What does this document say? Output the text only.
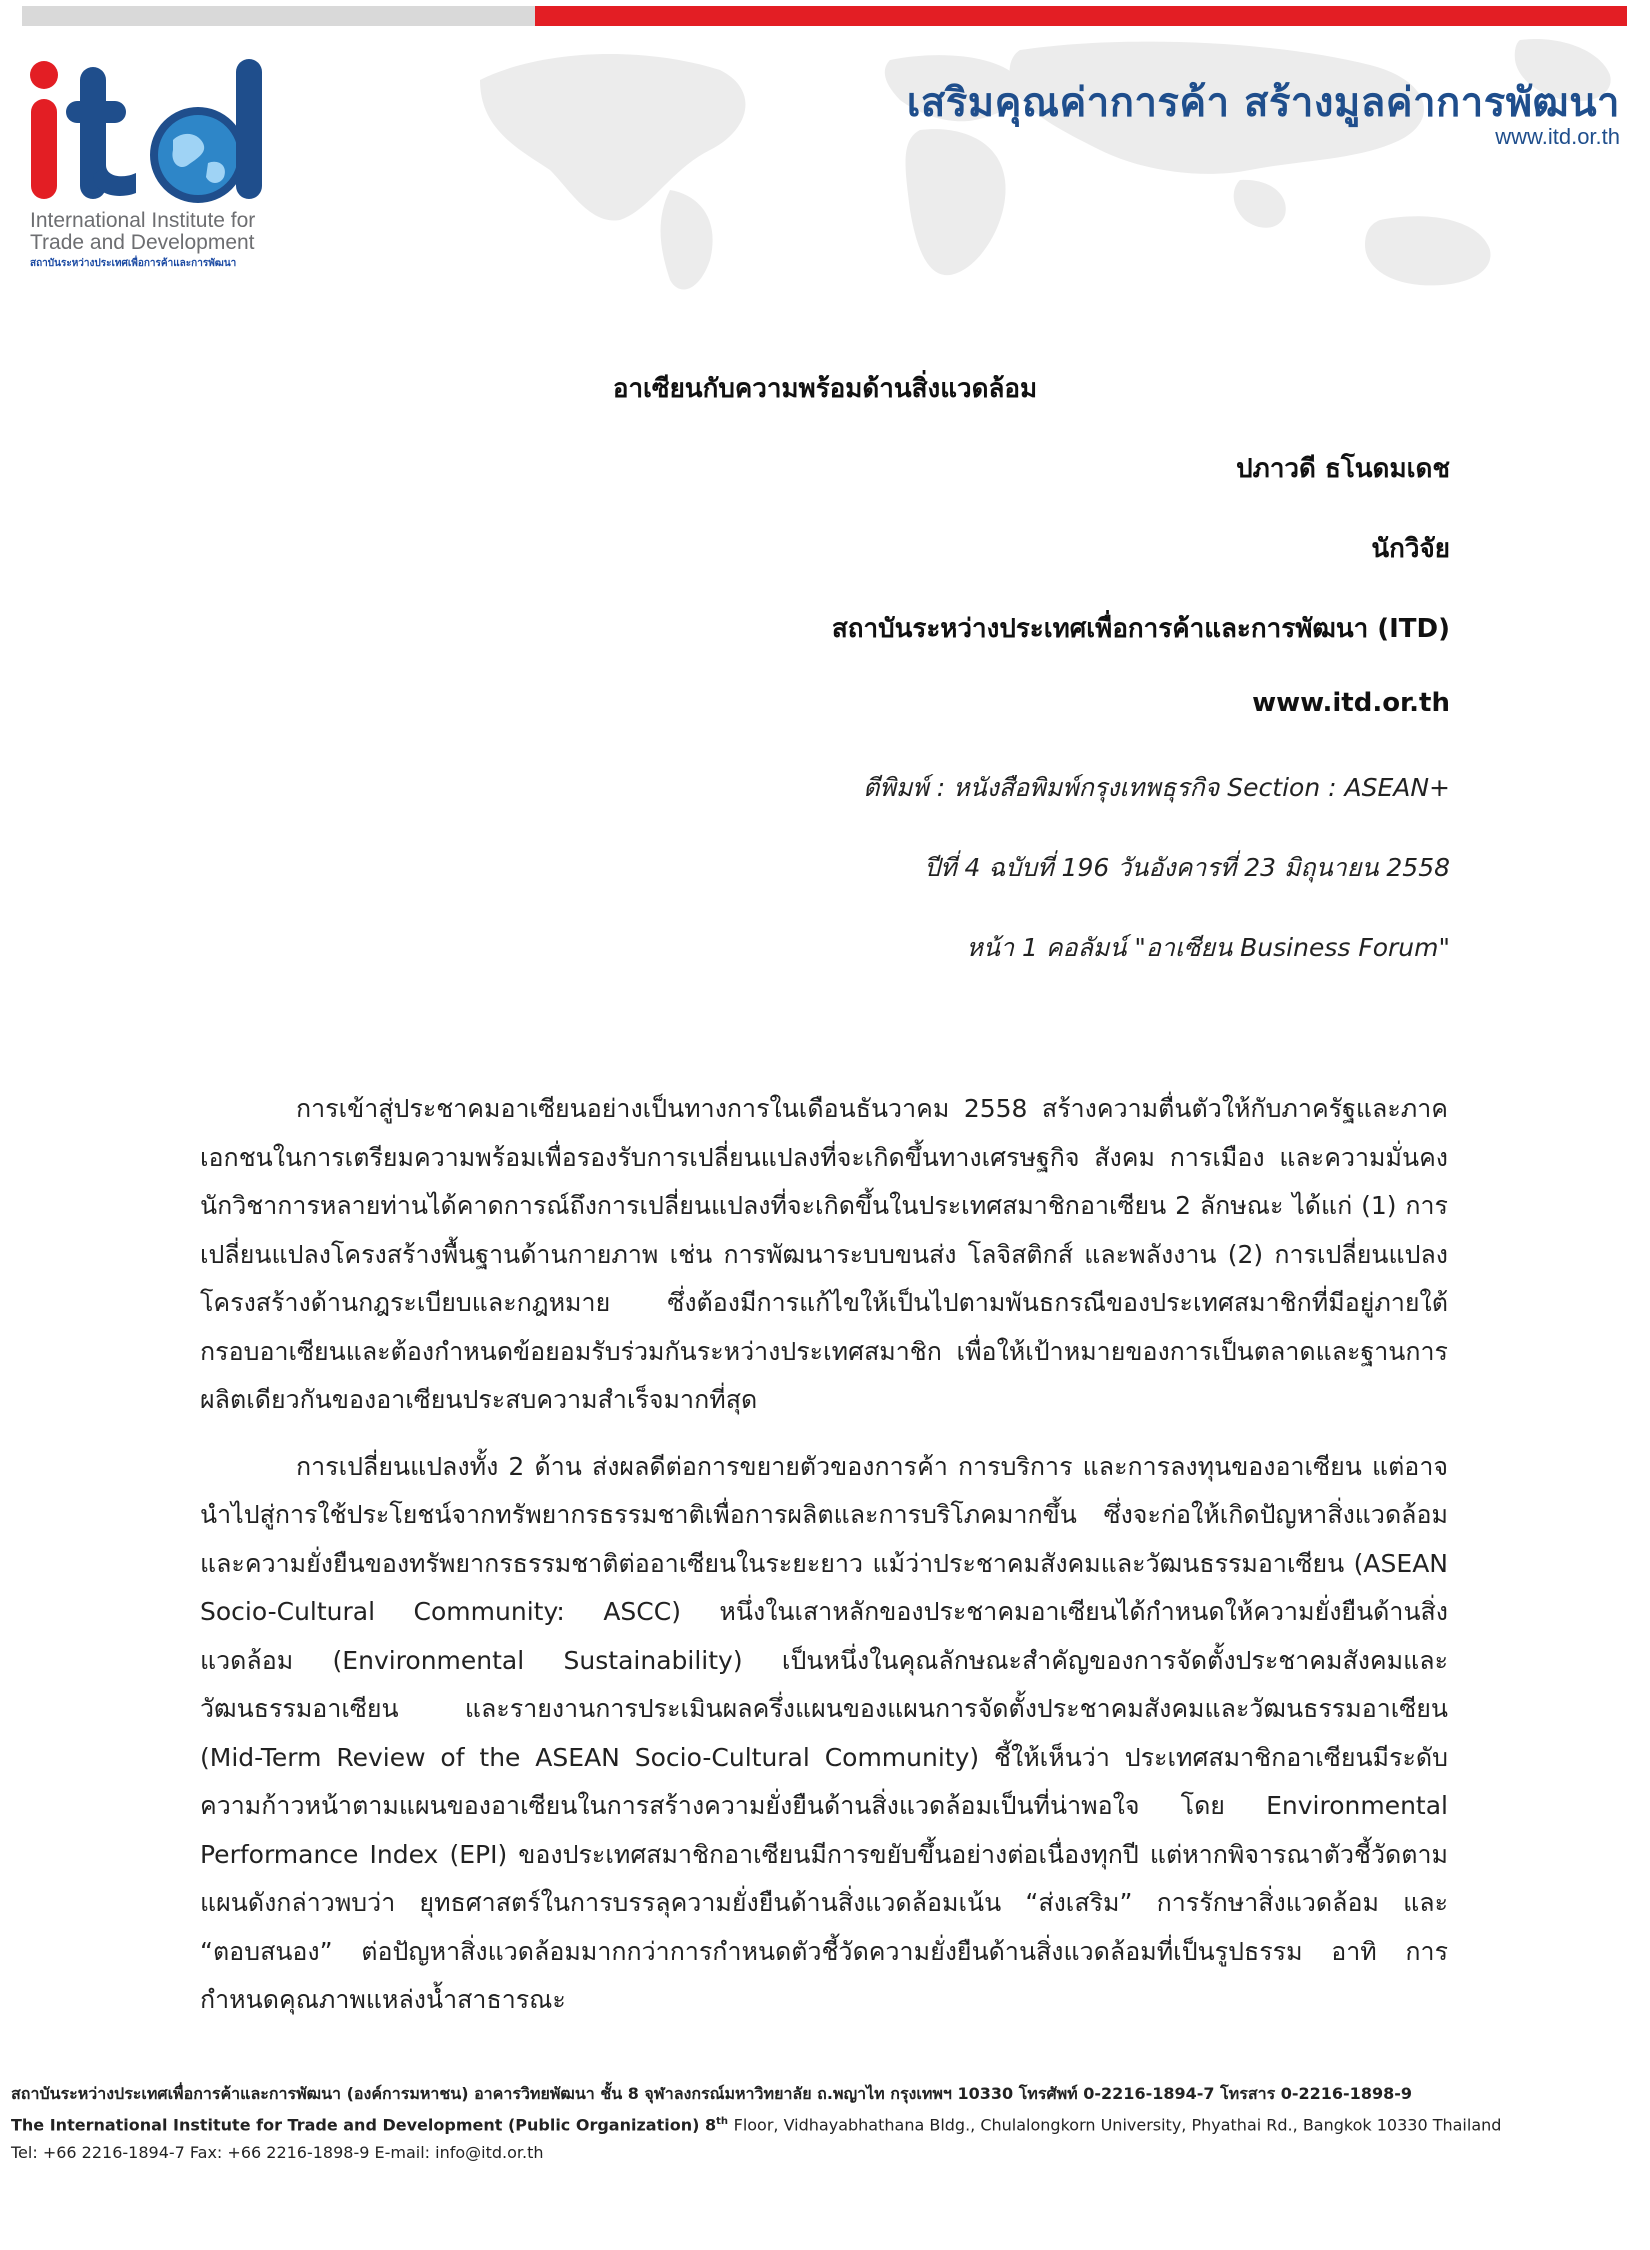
International Institute for
Trade and Development
สถาบันระหว่างประเทศเพื่อการค้าและการพัฒนา
เสริมคุณค่าการค้า สร้างมูลค่าการพัฒนา
www.itd.or.th
อาเซียนกับความพร้อมด้านสิ่งแวดล้อม
ปภาวดี ธโนดมเดช
นักวิจัย
สถาบันระหว่างประเทศเพื่อการค้าและการพัฒนา (ITD)
www.itd.or.th
ตีพิมพ์ : หนังสือพิมพ์กรุงเทพธุรกิจ Section : ASEAN+
ปีที่ 4 ฉบับที่ 196 วันอังคารที่ 23 มิถุนายน 2558
หน้า 1 คอลัมน์ "อาเซียน Business Forum"

การเข้าสู่ประชาคมอาเซียนอย่างเป็นทางการในเดือนธันวาคม 2558 สร้างความตื่นตัวให้กับภาครัฐและภาคเอกชนในการเตรียมความพร้อมเพื่อรองรับการเปลี่ยนแปลงที่จะเกิดขึ้นทางเศรษฐกิจ สังคม การเมือง และความมั่นคง นักวิชาการหลายท่านได้คาดการณ์ถึงการเปลี่ยนแปลงที่จะเกิดขึ้นในประเทศสมาชิกอาเซียน 2 ลักษณะ ได้แก่ (1) การเปลี่ยนแปลงโครงสร้างพื้นฐานด้านกายภาพ เช่น การพัฒนาระบบขนส่ง โลจิสติกส์ และพลังงาน (2) การเปลี่ยนแปลงโครงสร้างด้านกฎระเบียบและกฎหมาย ซึ่งต้องมีการแก้ไขให้เป็นไปตามพันธกรณีของประเทศสมาชิกที่มีอยู่ภายใต้กรอบอาเซียนและต้องกำหนดข้อยอมรับร่วมกันระหว่างประเทศสมาชิก เพื่อให้เป้าหมายของการเป็นตลาดและฐานการผลิตเดียวกันของอาเซียนประสบความสำเร็จมากที่สุด

การเปลี่ยนแปลงทั้ง 2 ด้าน ส่งผลดีต่อการขยายตัวของการค้า การบริการ และการลงทุนของอาเซียน แต่อาจนำไปสู่การใช้ประโยชน์จากทรัพยากรธรรมชาติเพื่อการผลิตและการบริโภคมากขึ้น ซึ่งจะก่อให้เกิดปัญหาสิ่งแวดล้อมและความยั่งยืนของทรัพยากรธรรมชาติต่ออาเซียนในระยะยาว แม้ว่าประชาคมสังคมและวัฒนธรรมอาเซียน (ASEAN Socio-Cultural Community: ASCC) หนึ่งในเสาหลักของประชาคมอาเซียนได้กำหนดให้ความยั่งยืนด้านสิ่งแวดล้อม (Environmental Sustainability) เป็นหนึ่งในคุณลักษณะสำคัญของการจัดตั้งประชาคมสังคมและวัฒนธรรมอาเซียน และรายงานการประเมินผลครึ่งแผนของแผนการจัดตั้งประชาคมสังคมและวัฒนธรรมอาเซียน (Mid-Term Review of the ASEAN Socio-Cultural Community) ชี้ให้เห็นว่า ประเทศสมาชิกอาเซียนมีระดับความก้าวหน้าตามแผนของอาเซียนในการสร้างความยั่งยืนด้านสิ่งแวดล้อมเป็นที่น่าพอใจ โดย Environmental Performance Index (EPI) ของประเทศสมาชิกอาเซียนมีการขยับขึ้นอย่างต่อเนื่องทุกปี แต่หากพิจารณาตัวชี้วัดตามแผนดังกล่าวพบว่า ยุทธศาสตร์ในการบรรลุความยั่งยืนด้านสิ่งแวดล้อมเน้น “ส่งเสริม” การรักษาสิ่งแวดล้อม และ “ตอบสนอง” ต่อปัญหาสิ่งแวดล้อมมากกว่าการกำหนดตัวชี้วัดความยั่งยืนด้านสิ่งแวดล้อมที่เป็นรูปธรรม อาทิ การกำหนดคุณภาพแหล่งน้ำสาธารณะ

สถาบันระหว่างประเทศเพื่อการค้าและการพัฒนา (องค์การมหาชน) อาคารวิทยพัฒนา ชั้น 8 จุฬาลงกรณ์มหาวิทยาลัย ถ.พญาไท กรุงเทพฯ 10330 โทรศัพท์ 0-2216-1894-7 โทรสาร 0-2216-1898-9
The International Institute for Trade and Development (Public Organization) 8th Floor, Vidhayabhathana Bldg., Chulalongkorn University, Phyathai Rd., Bangkok 10330 Thailand
Tel: +66 2216-1894-7 Fax: +66 2216-1898-9 E-mail: info@itd.or.th
